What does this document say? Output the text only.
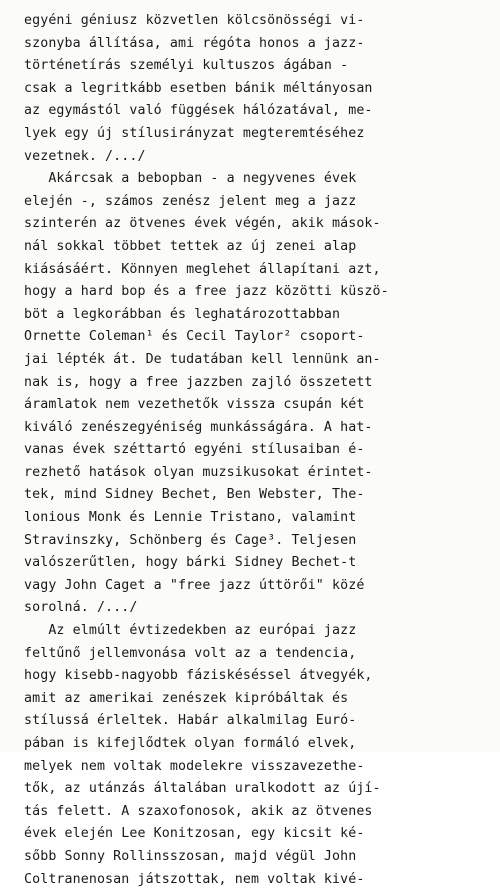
egyéni géniusz közvetlen kölcsönösségi vi-
szonyba állítása, ami régóta honos a jazz-
történetírás személyi kultuszos ágában -
csak a legritkább esetben bánik méltányosan
az egymástól való függések hálózatával, me-
lyek egy új stílusirányzat megteremtéséhez
vezetnek. /.../
Akárcsak a bebopban - a negyvenes évek
elején -, számos zenész jelent meg a jazz
szinterén az ötvenes évek végén, akik mások-
nál sokkal többet tettek az új zenei alap
kiásásáért. Könnyen meglehet állapítani azt,
hogy a hard bop és a free jazz közötti küszö-
böt a legkorábban és leghatározottabban
Ornette Coleman¹ és Cecil Taylor² csoport-
jai lépték át. De tudatában kell lennünk an-
nak is, hogy a free jazzben zajló összetett
áramlatok nem vezethetők vissza csupán két
kiváló zenészegyéniség munkásságára. A hat-
vanas évek széttartó egyéni stílusaiban é-
rezhető hatások olyan muzsikusokat érintet-
tek, mind Sidney Bechet, Ben Webster, The-
lonious Monk és Lennie Tristano, valamint
Stravinszky, Schönberg és Cage³. Teljesen
valószerűtlen, hogy bárki Sidney Bechet-t
vagy John Caget a "free jazz úttörői" közé
sorolná. /.../
Az elmúlt évtizedekben az európai jazz
feltűnő jellemvonása volt az a tendencia,
hogy kisebb-nagyobb fáziskéséssel átvegyék,
amit az amerikai zenészek kipróbáltak és
stílussá érleltek. Habár alkalmilag Euró-
pában is kifejlődtek olyan formáló elvek,
melyek nem voltak modelekre visszavezethe-
tők, az utánzás általában uralkodott az újí-
tás felett. A szaxofonosok, akik az ötvenes
évek elején Lee Konitzosan, egy kicsit ké-
sőbb Sonny Rollinsszosan, majd végül John
Coltranenosan játszottak, nem voltak kivé-
